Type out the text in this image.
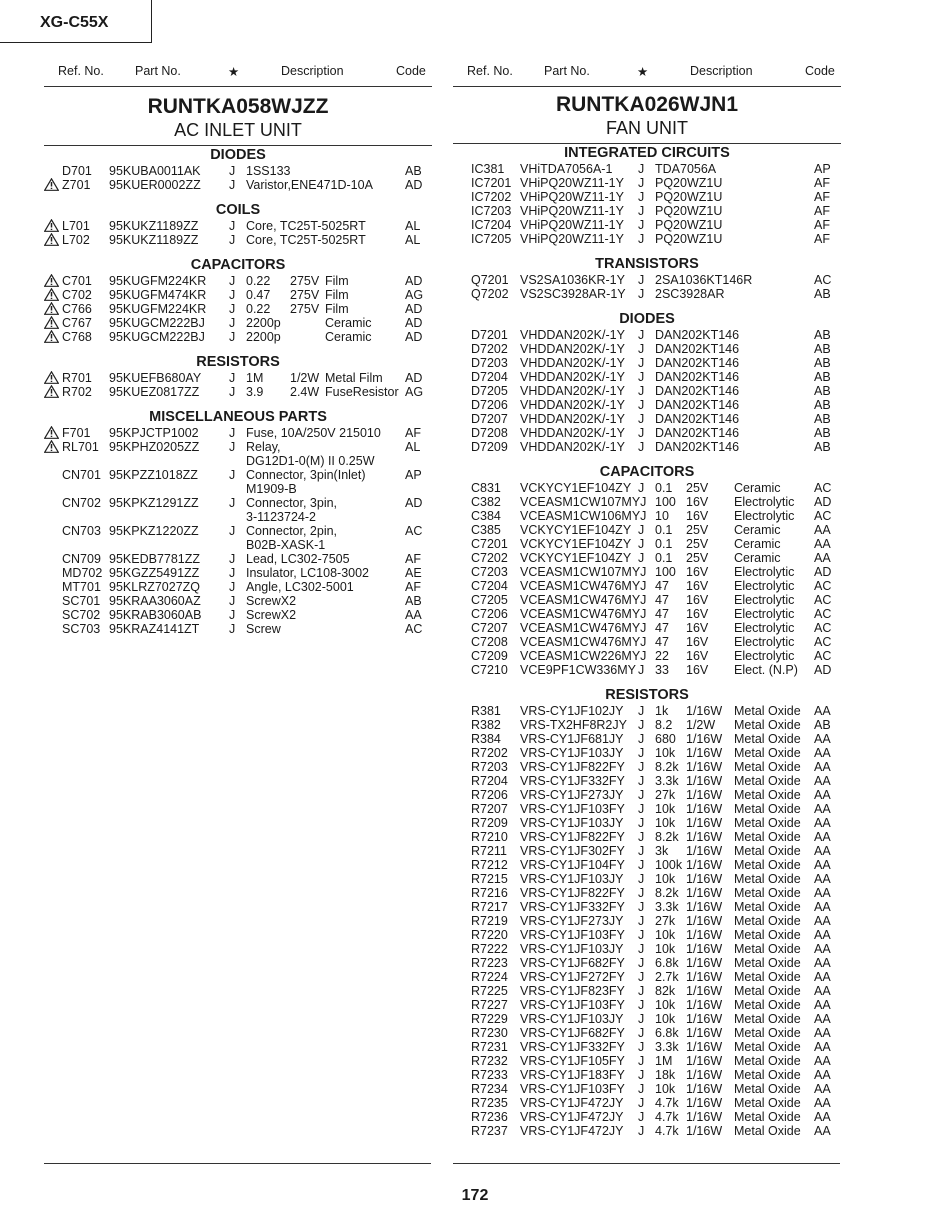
XG-C55X
Ref. No. Part No.	★	Description	Code
RUNTKA058WJZZ
AC INLET UNIT
DIODES
D701 95KUBA0011AK J 1SS133	AB
Z701 95KUER0002ZZ J Varistor,ENE471D-10A	AD
COILS
L701 95KUKZ1189ZZ J Core, TC25T-5025RT	AL
L702 95KUKZ1189ZZ J Core, TC25T-5025RT	AL
CAPACITORS
C701 95KUGFM224KR J 0.22 275V Film	AD
C702 95KUGFM474KR J 0.47 275V Film	AG
C766 95KUGFM224KR J 0.22 275V Film	AD
C767 95KUGCM222BJ J 2200p	Ceramic	AD
C768 95KUGCM222BJ J 2200p	Ceramic	AD
RESISTORS
R701 95KUEFB680AY J 1M 1/2W Metal Film AD
R702 95KUEZ0817ZZ J 3.9 2.4W FuseResistor AG
MISCELLANEOUS PARTS
F701 95KPJCTP1002 J Fuse, 10A/250V 215010 AF
RL701 95KPHZ0205ZZ J Relay,	AL
DG12D1-0(M) II 0.25W
CN701 95KPZZ1018ZZ J Connector, 3pin(Inlet)	AP
M1909-B
CN702 95KPKZ1291ZZ J Connector, 3pin,	AD
3-1123724-2
CN703 95KPKZ1220ZZ J Connector, 2pin,	AC
B02B-XASK-1
CN709 95KEDB7781ZZ J Lead, LC302-7505	AF
MD702 95KGZZ5491ZZ J Insulator, LC108-3002	AE
MT701 95KLRZ7027ZQ J Angle, LC302-5001	AF
SC701 95KRAA3060AZ J ScrewX2	AB
SC702 95KRAB3060AB J ScrewX2	AA
SC703 95KRAZ4141ZT J Screw	AC
Ref. No. Part No.	★	Description	Code
RUNTKA026WJN1
FAN UNIT
INTEGRATED CIRCUITS
IC381 VHiTDA7056A-1 J TDA7056A	AP
IC7201 VHiPQ20WZ11-1Y J PQ20WZ1U	AF
IC7202 VHiPQ20WZ11-1Y J PQ20WZ1U	AF
IC7203 VHiPQ20WZ11-1Y J PQ20WZ1U	AF
IC7204 VHiPQ20WZ11-1Y J PQ20WZ1U	AF
IC7205 VHiPQ20WZ11-1Y J PQ20WZ1U	AF
TRANSISTORS
Q7201 VS2SA1036KR-1Y J 2SA1036KT146R	AC
Q7202 VS2SC3928AR-1Y J 2SC3928AR	AB
DIODES
D7201 VHDDAN202K/-1Y J DAN202KT146	AB
D7202 VHDDAN202K/-1Y J DAN202KT146	AB
D7203 VHDDAN202K/-1Y J DAN202KT146	AB
D7204 VHDDAN202K/-1Y J DAN202KT146	AB
D7205 VHDDAN202K/-1Y J DAN202KT146	AB
D7206 VHDDAN202K/-1Y J DAN202KT146	AB
D7207 VHDDAN202K/-1Y J DAN202KT146	AB
D7208 VHDDAN202K/-1Y J DAN202KT146	AB
D7209 VHDDAN202K/-1Y J DAN202KT146	AB
CAPACITORS
C831 VCKYCY1EF104ZY J 0.1 25V Ceramic	AC
C382 VCEASM1CW107MYJ 100 16V Electrolytic AD
C384 VCEASM1CW106MYJ 10 16V Electrolytic AC
C385 VCKYCY1EF104ZY J 0.1 25V Ceramic	AA
C7201 VCKYCY1EF104ZY J 0.1 25V Ceramic	AA
C7202 VCKYCY1EF104ZY J 0.1 25V Ceramic	AA
C7203 VCEASM1CW107MYJ 100 16V Electrolytic AD
C7204 VCEASM1CW476MYJ 47 16V Electrolytic AC
C7205 VCEASM1CW476MYJ 47 16V Electrolytic AC
C7206 VCEASM1CW476MYJ 47 16V Electrolytic AC
C7207 VCEASM1CW476MYJ 47 16V Electrolytic AC
C7208 VCEASM1CW476MYJ 47 16V Electrolytic AC
C7209 VCEASM1CW226MYJ 22 16V Electrolytic AC
C7210 VCE9PF1CW336MY J 33 16V Elect. (N.P) AD
RESISTORS
R381 VRS-CY1JF102JY J 1k 1/16W Metal Oxide AA
R382 VRS-TX2HF8R2JY J 8.2 1/2W Metal Oxide AB
R384 VRS-CY1JF681JY J 680 1/16W Metal Oxide AA
R7202 VRS-CY1JF103JY J 10k 1/16W Metal Oxide AA
R7203 VRS-CY1JF822FY J 8.2k 1/16W Metal Oxide AA
R7204 VRS-CY1JF332FY J 3.3k 1/16W Metal Oxide AA
R7206 VRS-CY1JF273JY J 27k 1/16W Metal Oxide AA
R7207 VRS-CY1JF103FY J 10k 1/16W Metal Oxide AA
R7209 VRS-CY1JF103JY J 10k 1/16W Metal Oxide AA
R7210 VRS-CY1JF822FY J 8.2k 1/16W Metal Oxide AA
R7211 VRS-CY1JF302FY J 3k 1/16W Metal Oxide AA
R7212 VRS-CY1JF104FY J 100k 1/16W Metal Oxide AA
R7215 VRS-CY1JF103JY J 10k 1/16W Metal Oxide AA
R7216 VRS-CY1JF822FY J 8.2k 1/16W Metal Oxide AA
R7217 VRS-CY1JF332FY J 3.3k 1/16W Metal Oxide AA
R7219 VRS-CY1JF273JY J 27k 1/16W Metal Oxide AA
R7220 VRS-CY1JF103FY J 10k 1/16W Metal Oxide AA
R7222 VRS-CY1JF103JY J 10k 1/16W Metal Oxide AA
R7223 VRS-CY1JF682FY J 6.8k 1/16W Metal Oxide AA
R7224 VRS-CY1JF272FY J 2.7k 1/16W Metal Oxide AA
R7225 VRS-CY1JF823FY J 82k 1/16W Metal Oxide AA
R7227 VRS-CY1JF103FY J 10k 1/16W Metal Oxide AA
R7229 VRS-CY1JF103JY J 10k 1/16W Metal Oxide AA
R7230 VRS-CY1JF682FY J 6.8k 1/16W Metal Oxide AA
R7231 VRS-CY1JF332FY J 3.3k 1/16W Metal Oxide AA
R7232 VRS-CY1JF105FY J 1M 1/16W Metal Oxide AA
R7233 VRS-CY1JF183FY J 18k 1/16W Metal Oxide AA
R7234 VRS-CY1JF103FY J 10k 1/16W Metal Oxide AA
R7235 VRS-CY1JF472JY J 4.7k 1/16W Metal Oxide AA
R7236 VRS-CY1JF472JY J 4.7k 1/16W Metal Oxide AA
R7237 VRS-CY1JF472JY J 4.7k 1/16W Metal Oxide AA
172
